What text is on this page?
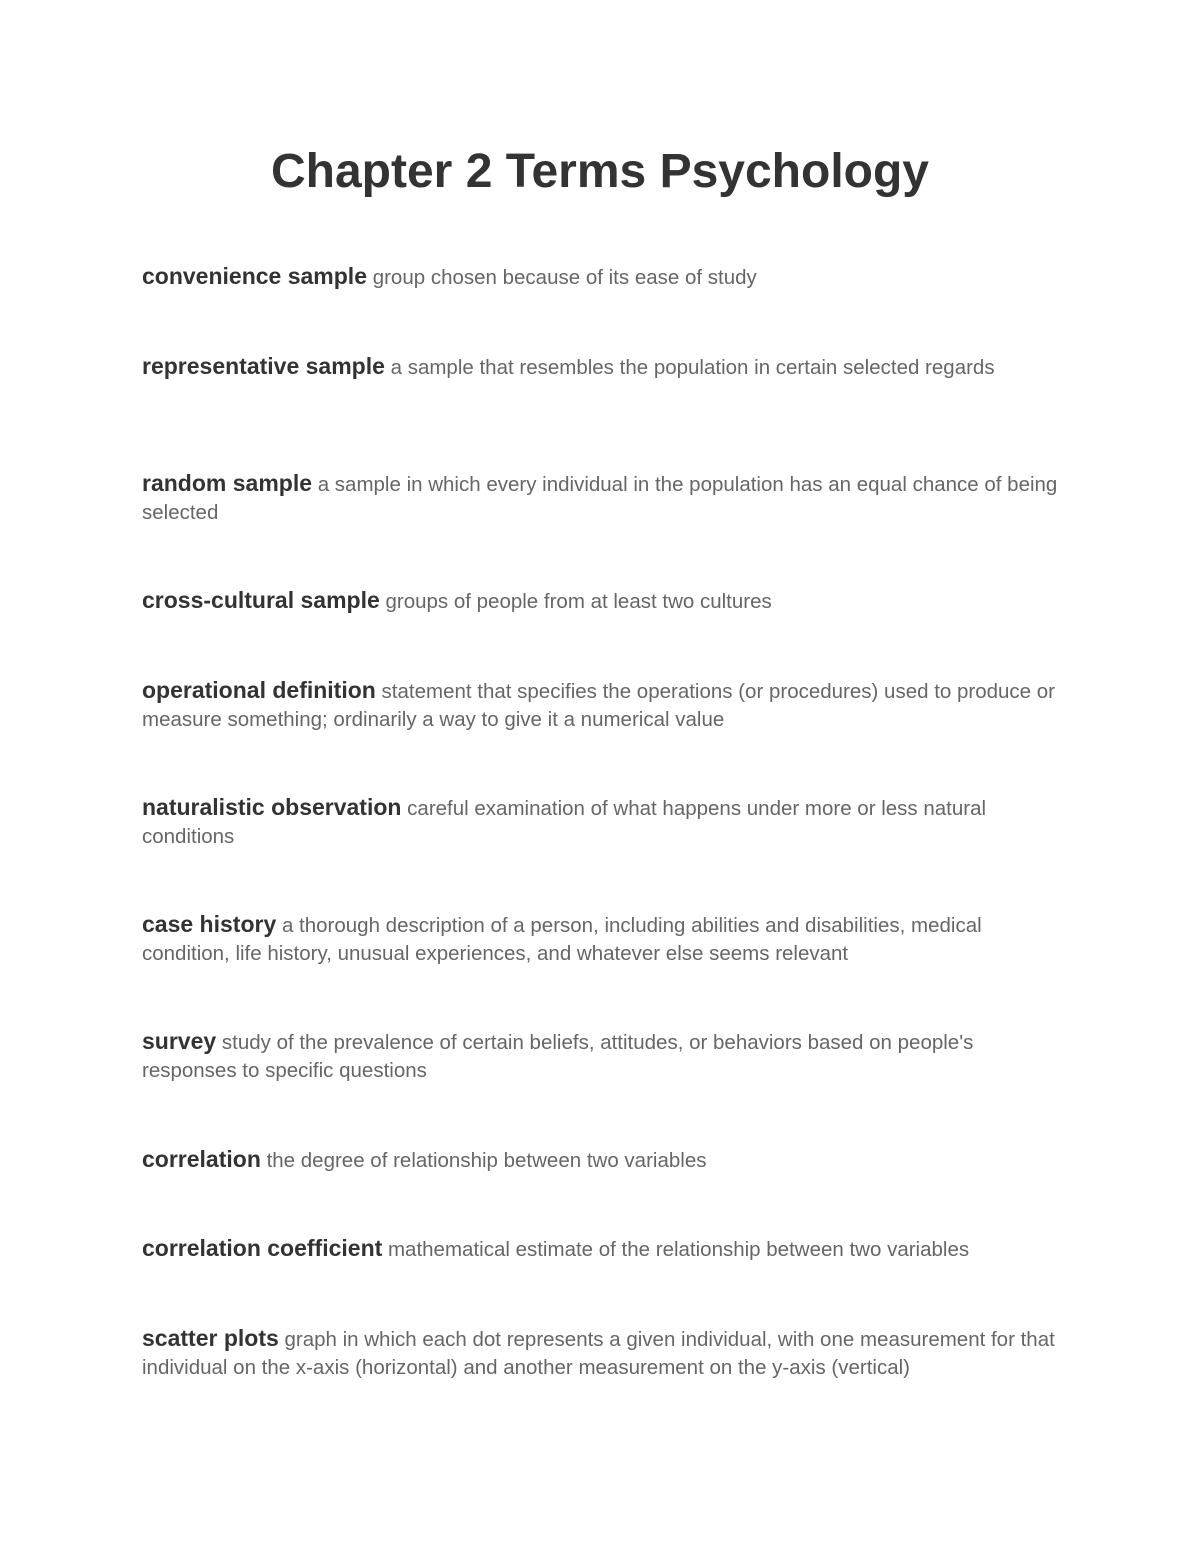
Chapter 2 Terms Psychology

convenience sample group chosen because of its ease of study

representative sample a sample that resembles the population in certain selected regards

random sample a sample in which every individual in the population has an equal chance of being selected

cross-cultural sample groups of people from at least two cultures

operational definition statement that specifies the operations (or procedures) used to produce or measure something; ordinarily a way to give it a numerical value

naturalistic observation careful examination of what happens under more or less natural conditions

case history a thorough description of a person, including abilities and disabilities, medical condition, life history, unusual experiences, and whatever else seems relevant

survey study of the prevalence of certain beliefs, attitudes, or behaviors based on people's responses to specific questions

correlation the degree of relationship between two variables

correlation coefficient mathematical estimate of the relationship between two variables

scatter plots graph in which each dot represents a given individual, with one measurement for that individual on the x-axis (horizontal) and another measurement on the y-axis (vertical)
